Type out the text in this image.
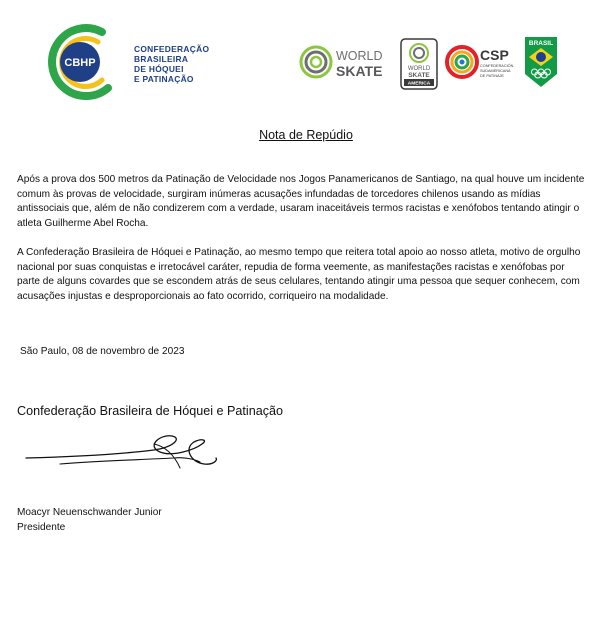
CBHP
CONFEDERAÇÃO
BRASILEIRA
DE HÓQUEI
E PATINAÇÃO
WORLD
SKATE	WORLD
SKATE
AMERICA
CSP
CONFEDERACIÓN
SUDAMERICANA
DE PATINAJE
BRASIL
Nota de Repúdio

Após a prova dos 500 metros da Patinação de Velocidade nos Jogos Panamericanos de Santiago, na qual houve um incidente comum às provas de velocidade, surgiram inúmeras acusações infundadas de torcedores chilenos usando as mídias antissociais que, além de não condizerem com a verdade, usaram inaceitáveis termos racistas e xenófobos tentando atingir o atleta Guilherme Abel Rocha.

A Confederação Brasileira de Hóquei e Patinação, ao mesmo tempo que reitera total apoio ao nosso atleta, motivo de orgulho nacional por suas conquistas e irretocável caráter, repudia de forma veemente, as manifestações racistas e xenófobas por parte de alguns covardes que se escondem atrás de seus celulares, tentando atingir uma pessoa que sequer conhecem, com acusações injustas e desproporcionais ao fato ocorrido, corriqueiro na modalidade.

São Paulo, 08 de novembro de 2023
Confederação Brasileira de Hóquei e Patinação
Moacyr Neuenschwander Junior
Presidente
